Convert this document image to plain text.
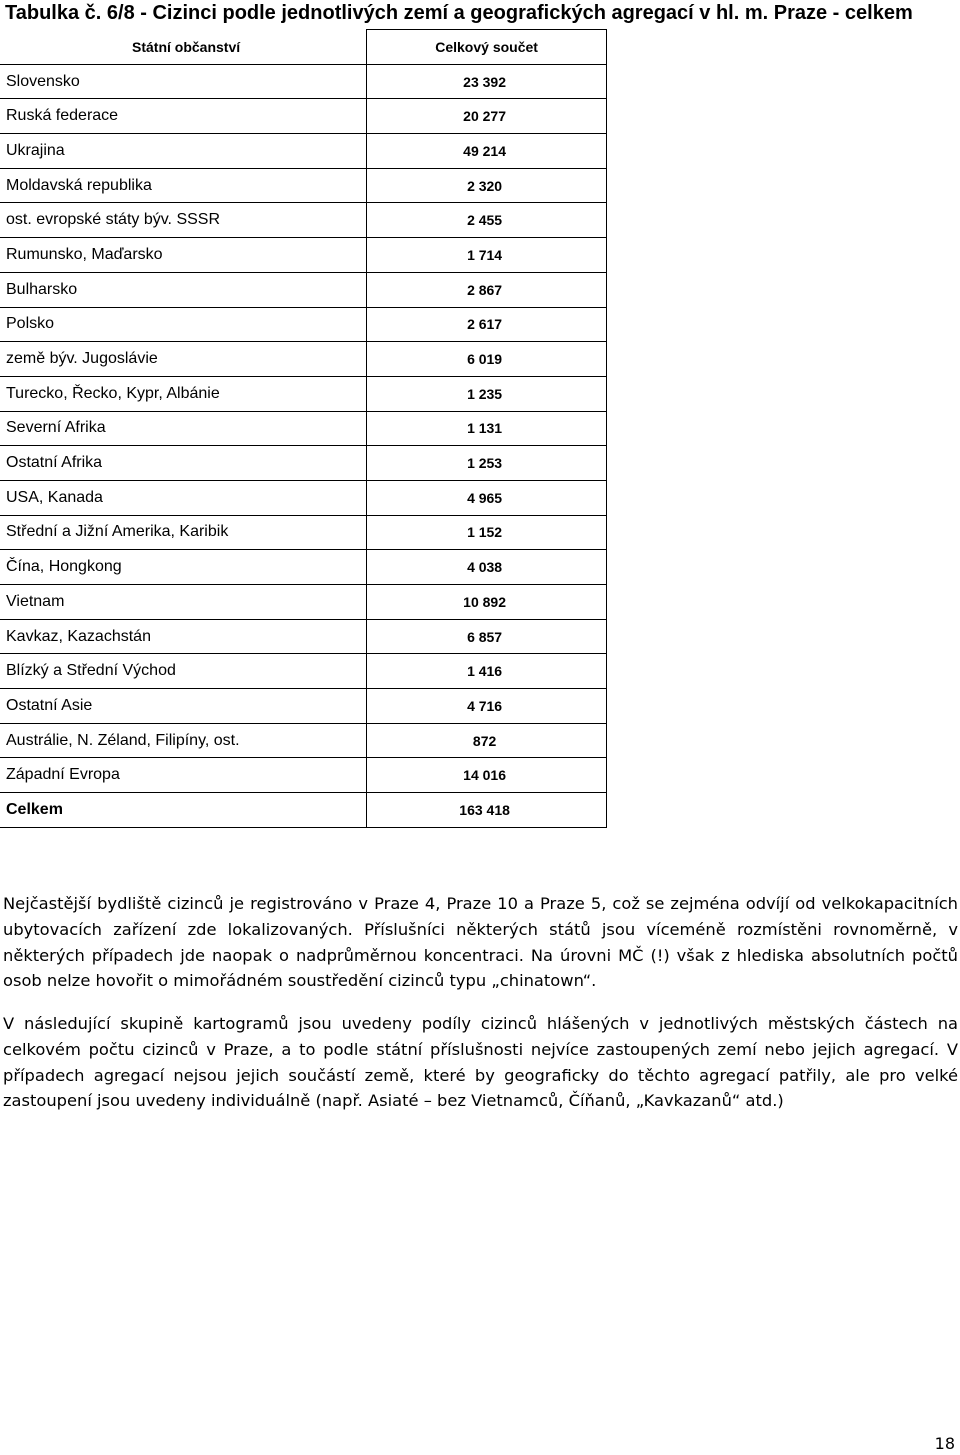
Tabulka č. 6/8 - Cizinci podle jednotlivých zemí a geografických agregací v hl. m. Praze - celkem
Státní občanství	Celkový součet
Slovensko	23 392
Ruská federace	20 277
Ukrajina	49 214
Moldavská republika	2 320
ost. evropské státy býv. SSSR	2 455
Rumunsko, Maďarsko	1 714
Bulharsko	2 867
Polsko	2 617
země býv. Jugoslávie	6 019
Turecko, Řecko, Kypr, Albánie	1 235
Severní Afrika	1 131
Ostatní Afrika	1 253
USA, Kanada	4 965
Střední a Jižní Amerika, Karibik	1 152
Čína, Hongkong	4 038
Vietnam	10 892
Kavkaz, Kazachstán	6 857
Blízký a Střední Východ	1 416
Ostatní Asie	4 716
Austrálie, N. Zéland, Filipíny, ost.	872
Západní Evropa	14 016
Celkem	163 418

Nejčastější bydliště cizinců je registrováno v Praze 4, Praze 10 a Praze 5, což se zejména odvíjí od velkokapacitních ubytovacích zařízení zde lokalizovaných. Příslušníci některých států jsou víceméně rozmístěni rovnoměrně, v některých případech jde naopak o nadprůměrnou koncentraci. Na úrovni MČ (!) však z hlediska absolutních počtů osob nelze hovořit o mimořádném soustředění cizinců typu „chinatown“.

V následující skupině kartogramů jsou uvedeny podíly cizinců hlášených v jednotlivých městských částech na celkovém počtu cizinců v Praze, a to podle státní příslušnosti nejvíce zastoupených zemí nebo jejich agregací. V případech agregací nejsou jejich součástí země, které by geograficky do těchto agregací patřily, ale pro velké zastoupení jsou uvedeny individuálně (např. Asiaté – bez Vietnamců, Číňanů, „Kavkazanů“ atd.)

18
